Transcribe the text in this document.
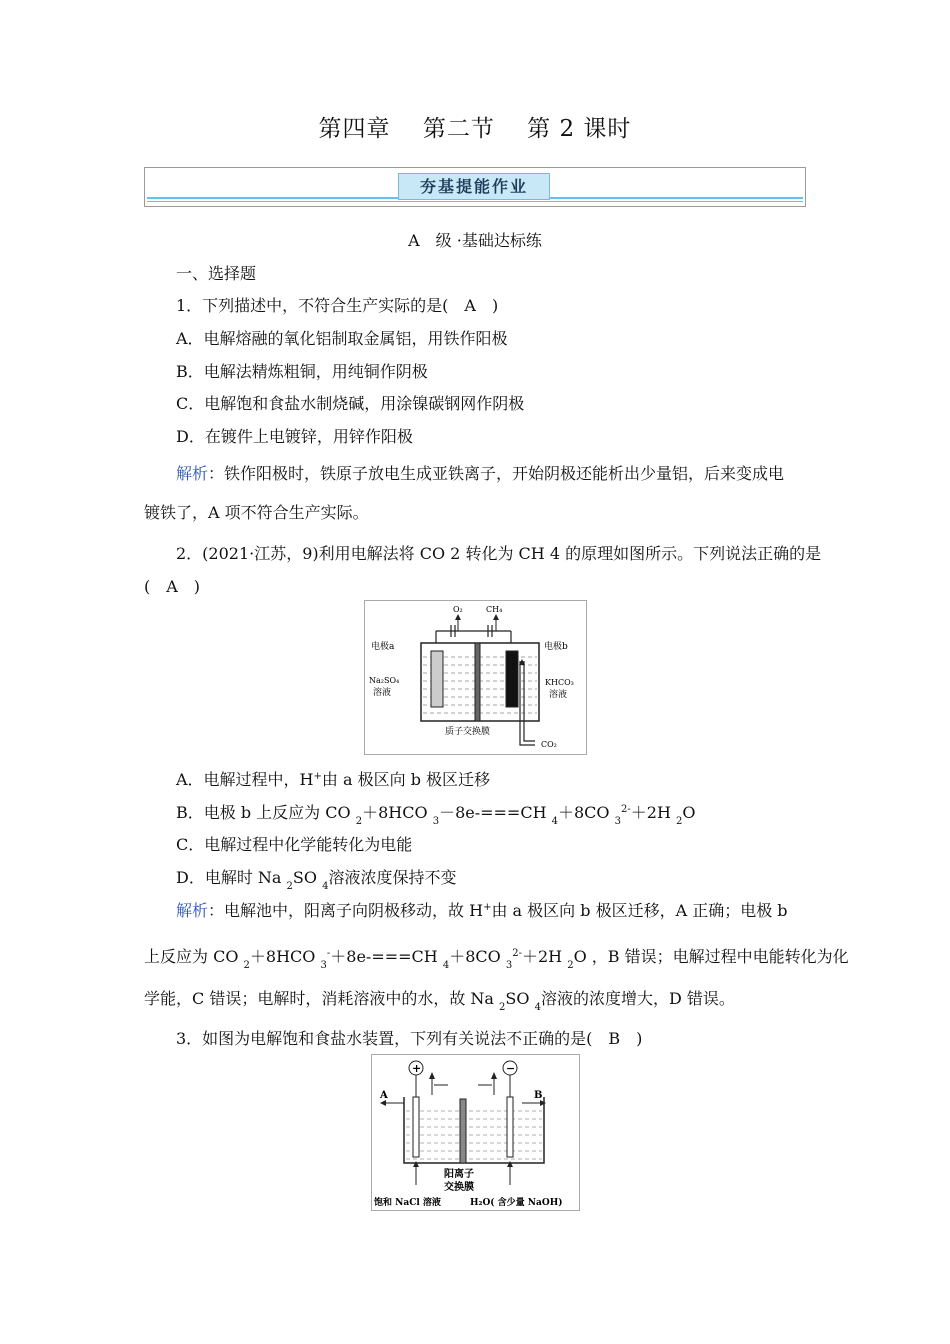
第四章 第二节 第 2 课时
夯基提能作业
A　级 ·基础达标练
一、选择题
1．下列描述中，不符合生产实际的是(　A　)
A．电解熔融的氧化铝制取金属铝，用铁作阳极
B．电解法精炼粗铜，用纯铜作阴极
C．电解饱和食盐水制烧碱，用涂镍碳钢网作阴极
D．在镀件上电镀锌，用锌作阳极
解析：铁作阳极时，铁原子放电生成亚铁离子，开始阴极还能析出少量铝，后来变成电
镀铁了，A 项不符合生产实际。
2．(2021·江苏，9)利用电解法将 CO 2 转化为 CH 4 的原理如图所示。下列说法正确的是
(　A　)
O₂	CH₄
CO₂
电极a	电极b
Na₂SO₄
溶液
KHCO₃
溶液
质子交换膜
A．电解过程中，H+由 a 极区向 b 极区迁移
B．电极 b 上反应为 CO $_2$＋8HCO $_3$－8e-===CH $_4$＋8CO $_3^{2-}$＋2H $_2$O
C．电解过程中化学能转化为电能
D．电解时 Na $_2$SO $_4$溶液浓度保持不变
解析：电解池中，阳离子向阴极移动，故 H+由 a 极区向 b 极区迁移，A 正确；电极 b
上反应为 CO $_2$＋8HCO $_3$-＋8e-===CH $_4$＋8CO $_3^{2-}$＋2H $_2$O ，B 错误；电解过程中电能转化为化
学能，C 错误；电解时，消耗溶液中的水，故 Na $_2$SO $_4$溶液的浓度增大，D 错误。
3．如图为电解饱和食盐水装置，下列有关说法不正确的是(　B　)
+	−
A	B
阳离子
交换膜
饱和 NaCl 溶液	H₂O( 含少量 NaOH)
